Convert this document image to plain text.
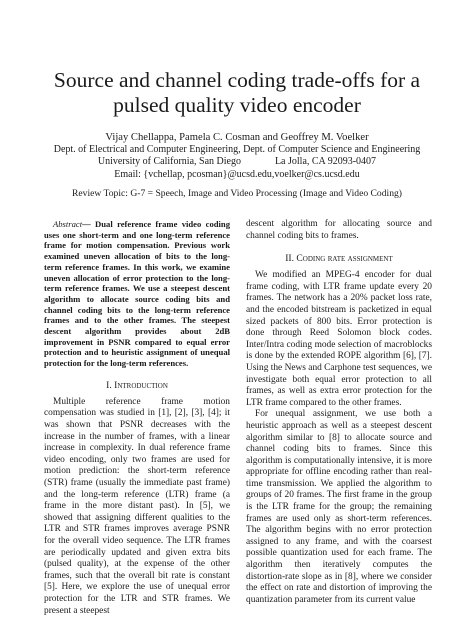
Source and channel coding trade-offs for a
pulsed quality video encoder
Vijay Chellappa, Pamela C. Cosman and Geoffrey M. Voelker
Dept. of Electrical and Computer Engineering, Dept. of Computer Science and Engineering
University of California, San Diego	La Jolla, CA 92093-0407
Email: {vchellap, pcosman}@ucsd.edu,voelker@cs.ucsd.edu
Review Topic: G-7 = Speech, Image and Video Processing (Image and Video Coding)

Abstract— Dual reference frame video coding uses one short-term and one long-term reference frame for motion compensation. Previous work examined uneven allocation of bits to the long-term reference frames. In this work, we examine uneven allocation of error protection to the long-term reference frames. We use a steepest descent algorithm to allocate source coding bits and channel coding bits to the long-term reference frames and to the other frames. The steepest descent algorithm provides about 2dB improvement in PSNR compared to equal error protection and to heuristic assignment of unequal protection for the long-term references.

I. Introduction

Multiple reference frame motion compensation was studied in [1], [2], [3], [4]; it was shown that PSNR decreases with the increase in the number of frames, with a linear increase in complexity. In dual reference frame video encoding, only two frames are used for motion prediction: the short-term reference (STR) frame (usually the immediate past frame) and the long-term reference (LTR) frame (a frame in the more distant past). In [5], we showed that assigning different qualities to the LTR and STR frames improves average PSNR for the overall video sequence. The LTR frames are periodically updated and given extra bits (pulsed quality), at the expense of the other frames, such that the overall bit rate is constant [5]. Here, we explore the use of unequal error protection for the LTR and STR frames. We present a steepest

descent algorithm for allocating source and channel coding bits to frames.

II. Coding rate assignment

We modified an MPEG-4 encoder for dual frame coding, with LTR frame update every 20 frames. The network has a 20% packet loss rate, and the encoded bitstream is packetized in equal sized packets of 800 bits. Error protection is done through Reed Solomon block codes. Inter/Intra coding mode selection of macroblocks is done by the extended ROPE algorithm [6], [7]. Using the News and Carphone test sequences, we investigate both equal error protection to all frames, as well as extra error protection for the LTR frame compared to the other frames.

For unequal assignment, we use both a heuristic approach as well as a steepest descent algorithm similar to [8] to allocate source and channel coding bits to frames. Since this algorithm is computationally intensive, it is more appropriate for offline encoding rather than real-time transmission. We applied the algorithm to groups of 20 frames. The first frame in the group is the LTR frame for the group; the remaining frames are used only as short-term references. The algorithm begins with no error protection assigned to any frame, and with the coarsest possible quantization used for each frame. The algorithm then iteratively computes the distortion-rate slope as in [8], where we consider the effect on rate and distortion of improving the quantization parameter from its current value
